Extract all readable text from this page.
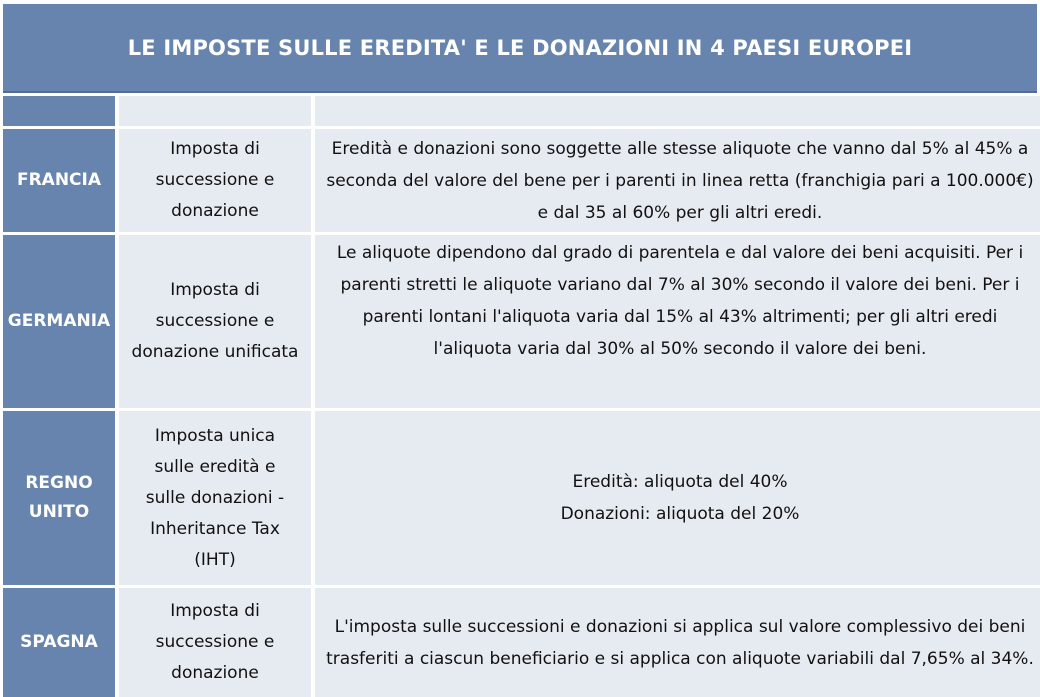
LE IMPOSTE SULLE EREDITA' E LE DONAZIONI IN 4 PAESI EUROPEI
FRANCIA
Imposta di successione e donazione

Eredità e donazioni sono soggette alle stesse aliquote che vanno dal 5% al 45% a seconda del valore del bene per i parenti in linea retta (franchigia pari a 100.000€) e dal 35 al 60% per gli altri eredi.

GERMANIA
Imposta di successione e donazione unificata

Le aliquote dipendono dal grado di parentela e dal valore dei beni acquisiti. Per i parenti stretti le aliquote variano dal 7% al 30% secondo il valore dei beni. Per i parenti lontani l'aliquota varia dal 15% al 43% altrimenti; per gli altri eredi l'aliquota varia dal 30% al 50% secondo il valore dei beni.

REGNO UNITO
Imposta unica sulle eredità e sulle donazioni - Inheritance Tax (IHT)

Eredità: aliquota del 40%

Donazioni: aliquota del 20%

SPAGNA
Imposta di successione e donazione

L'imposta sulle successioni e donazioni si applica sul valore complessivo dei beni trasferiti a ciascun beneficiario e si applica con aliquote variabili dal 7,65% al 34%.
